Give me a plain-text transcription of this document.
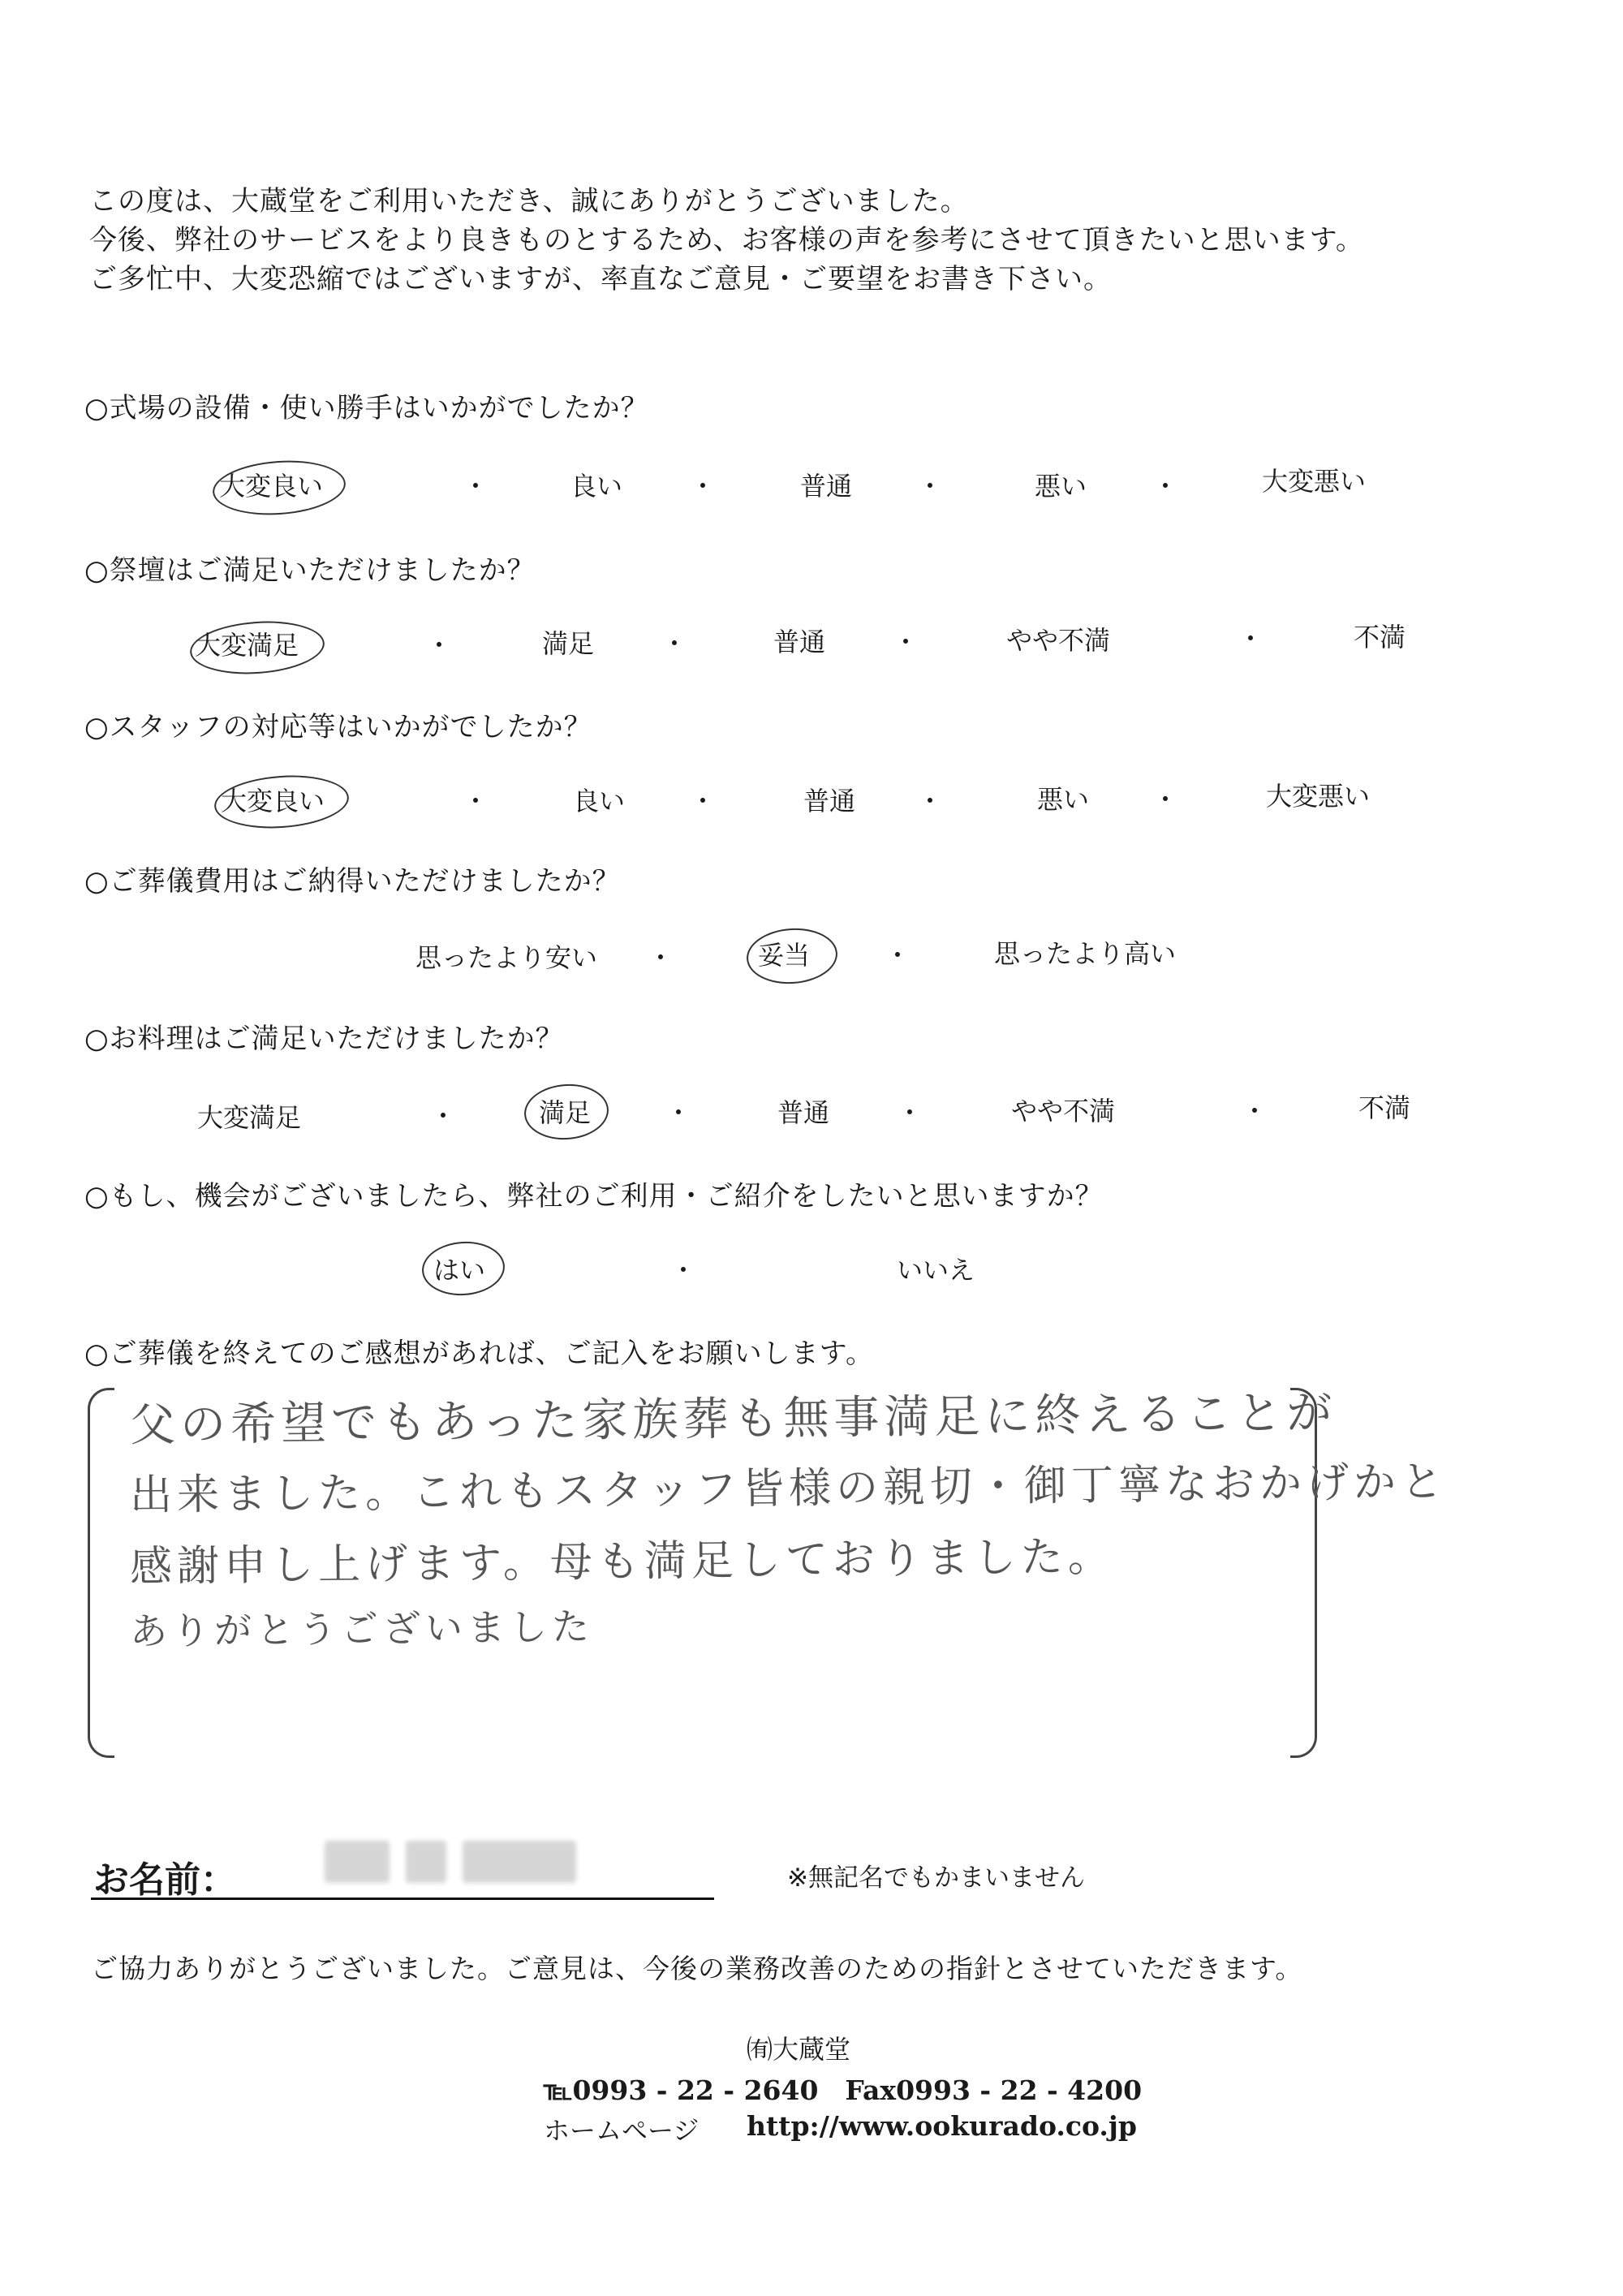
この度は、大蔵堂をご利用いただき、誠にありがとうございました。
今後、弊社のサービスをより良きものとするため、お客様の声を参考にさせて頂きたいと思います。
ご多忙中、大変恐縮ではございますが、率直なご意見・ご要望をお書き下さい。
○式場の設備・使い勝手はいかがでしたか？
大変良い	・	良い	・	普通 ・	悪い	・	大変悪い
○祭壇はご満足いただけましたか？
大変満足	・	満足	・	普通	・	やや不満	・	不満
○スタッフの対応等はいかがでしたか？
大変良い	・	良い ・	普通 ・	悪い ・	大変悪い
○ご葬儀費用はご納得いただけましたか？
思ったより安い ・	妥当	・	思ったより高い
○お料理はご満足いただけましたか？
大変満足	・	満足	・	普通	・	やや不満	・	不満
○もし、機会がございましたら、弊社のご利用・ご紹介をしたいと思いますか？
はい	・	いいえ
○ご葬儀を終えてのご感想があれば、ご記入をお願いします。
父の希望でもあった家族葬も無事満足に終えることが
出来ました。これもスタッフ皆様の親切・御丁寧なおかげかと
感謝申し上げます。母も満足しておりました。
ありがとうございました
お名前：	※無記名でもかまいません
ご協力ありがとうございました。ご意見は、今後の業務改善のための指針とさせていただきます。
㈲大蔵堂
℡0993 - 22 - 2640　Fax0993 - 22 - 4200
ホームページ http://www.ookurado.co.jp
